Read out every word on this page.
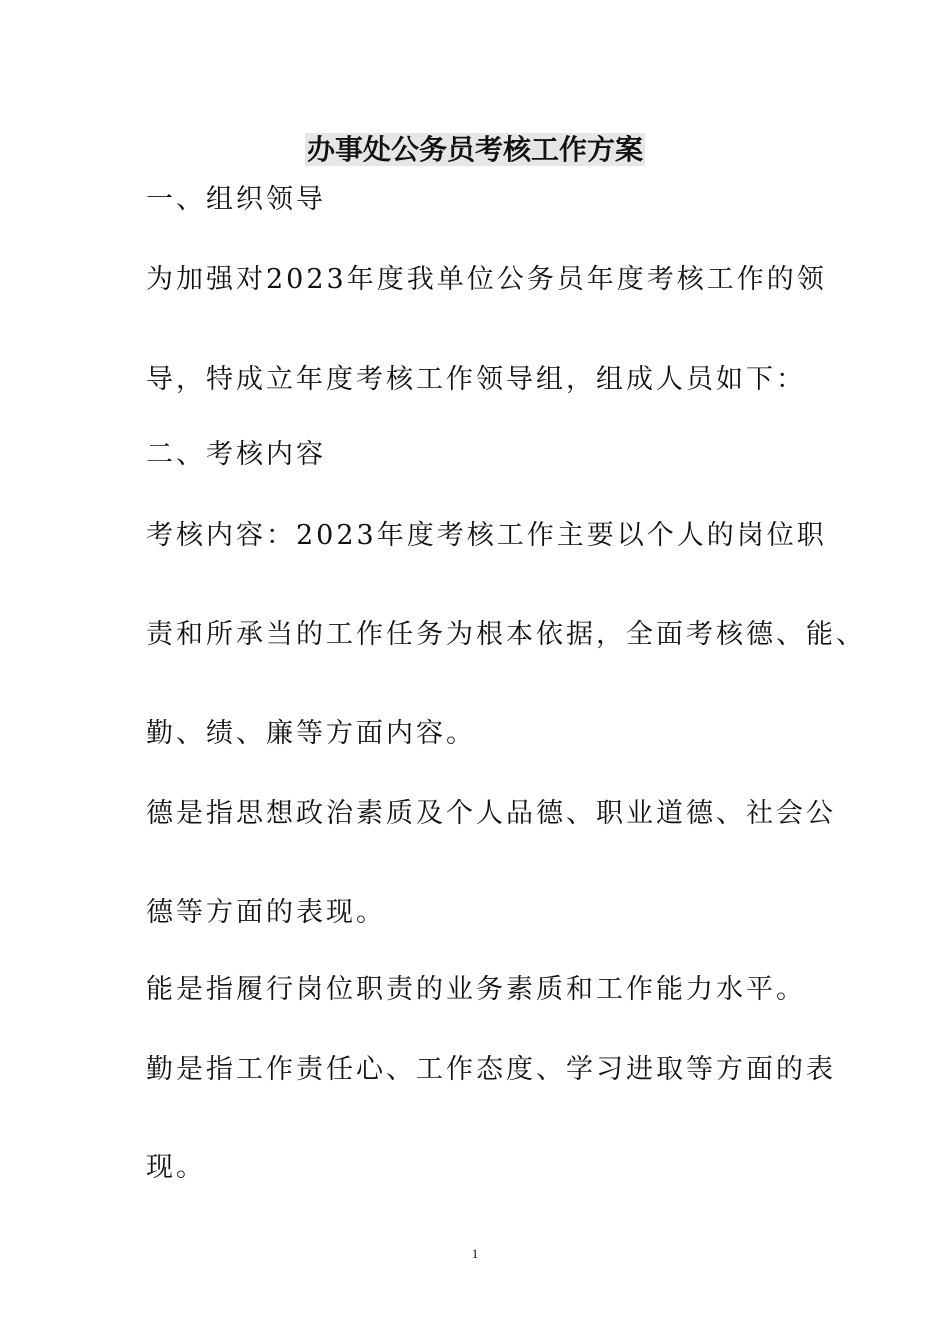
办事处公务员考核工作方案
一、组织领导
为加强对2023年度我单位公务员年度考核工作的领
导，特成立年度考核工作领导组，组成人员如下：
二、考核内容
考核内容：2023年度考核工作主要以个人的岗位职
责和所承当的工作任务为根本依据，全面考核德、能、
勤、绩、廉等方面内容。
德是指思想政治素质及个人品德、职业道德、社会公
德等方面的表现。
能是指履行岗位职责的业务素质和工作能力水平。
勤是指工作责任心、工作态度、学习进取等方面的表
现。
1
